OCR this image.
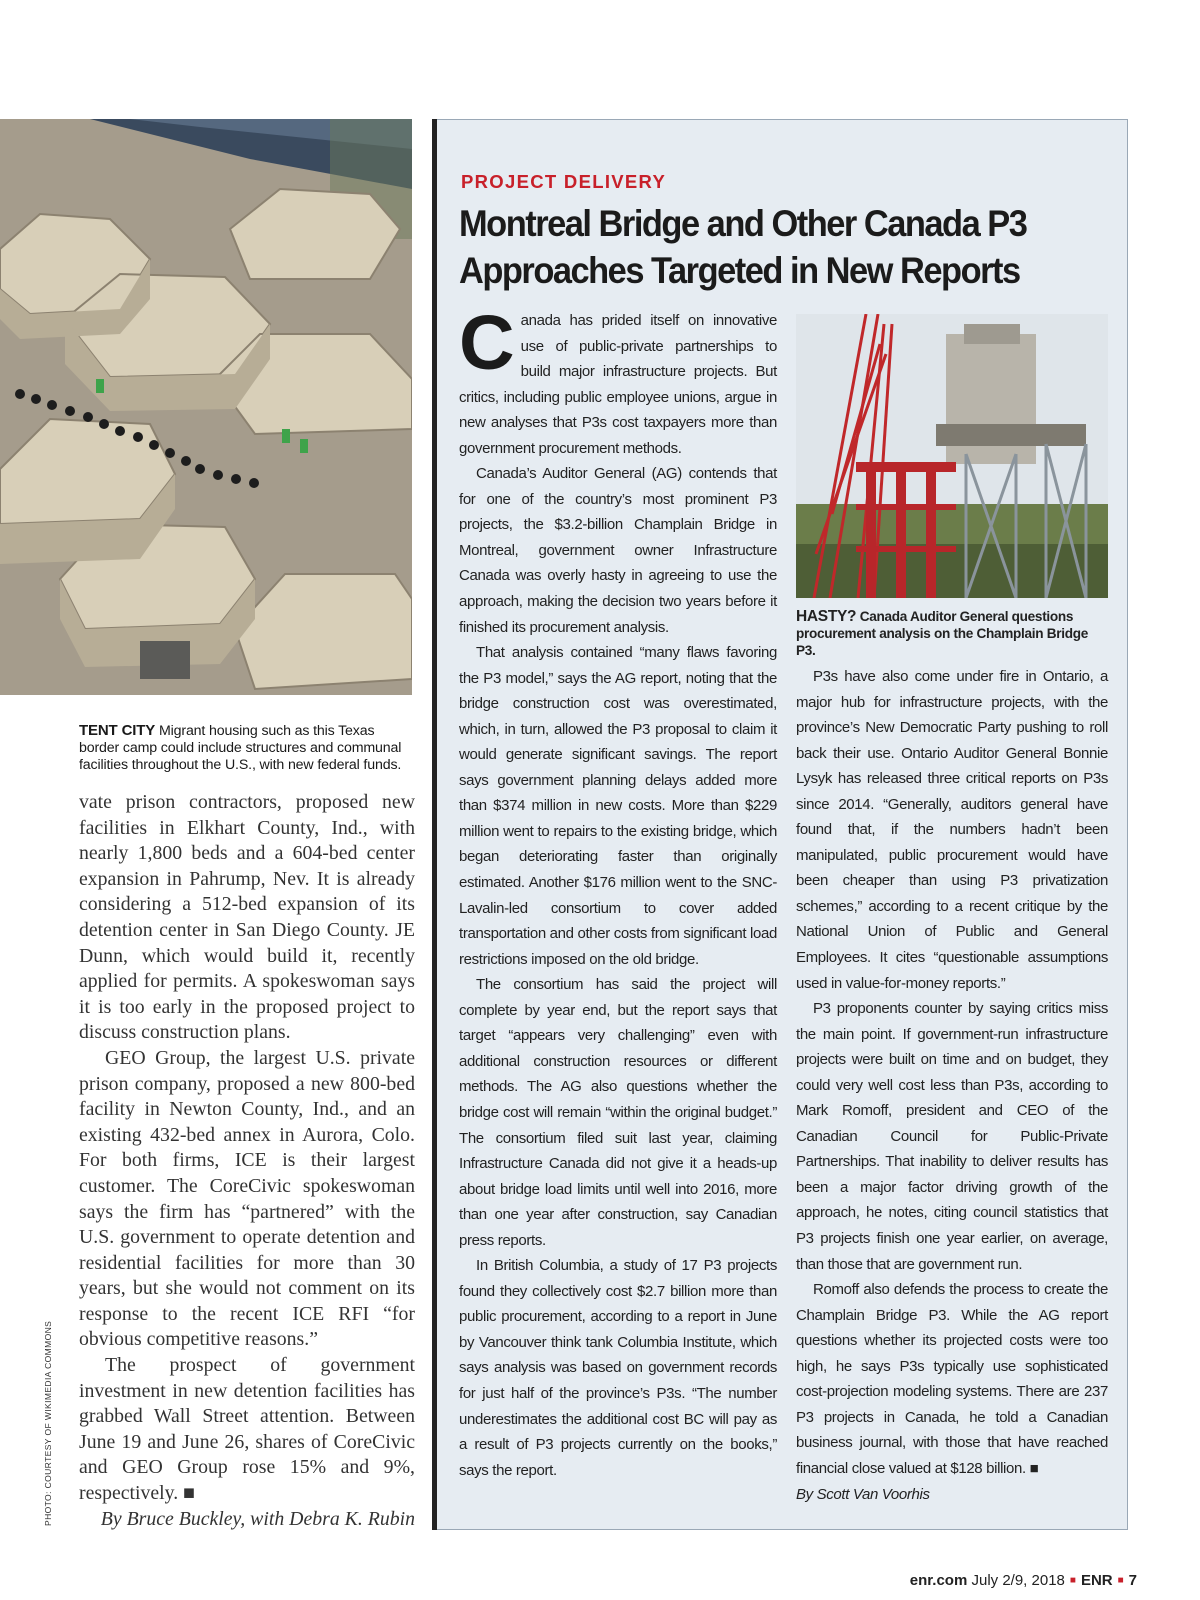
TENT CITY Migrant housing such as this Texas border camp could include structures and communal facilities throughout the U.S., with new federal funds.

vate prison contractors, proposed new facilities in Elkhart County, Ind., with nearly 1,800 beds and a 604-bed center expansion in Pahrump, Nev. It is already considering a 512-bed expansion of its detention center in San Diego County. JE Dunn, which would build it, recently applied for permits. A spokeswoman says it is too early in the proposed project to discuss construction plans.

GEO Group, the largest U.S. private prison company, proposed a new 800-bed facility in Newton County, Ind., and an existing 432-bed annex in Aurora, Colo. For both firms, ICE is their largest customer. The CoreCivic spokeswoman says the firm has “partnered” with the U.S. government to operate detention and residential facilities for more than 30 years, but she would not comment on its response to the recent ICE RFI “for obvious competitive reasons.”

The prospect of government investment in new detention facilities has grabbed Wall Street attention. Between June 19 and June 26, shares of CoreCivic and GEO Group rose 15% and 9%, respectively. ■

By Bruce Buckley, with Debra K. Rubin

PHOTO: COURTESY OF WIKIMEDIA COMMONS
PROJECT DELIVERY
Montreal Bridge and Other Canada P3 Approaches Targeted in New Reports

Canada has prided itself on innovative use of public-private partnerships to build major infrastructure projects. But critics, including public employee unions, argue in new analyses that P3s cost taxpayers more than government procurement methods.

Canada’s Auditor General (AG) contends that for one of the country’s most prominent P3 projects, the $3.2-billion Champlain Bridge in Montreal, government owner Infrastructure Canada was overly hasty in agreeing to use the approach, making the decision two years before it finished its procurement analysis.

That analysis contained “many flaws favoring the P3 model,” says the AG report, noting that the bridge construction cost was overestimated, which, in turn, allowed the P3 proposal to claim it would generate significant savings. The report says government planning delays added more than $374 million in new costs. More than $229 million went to repairs to the existing bridge, which began deteriorating faster than originally estimated. Another $176 million went to the SNC-Lavalin-led consortium to cover added transportation and other costs from significant load restrictions imposed on the old bridge.

The consortium has said the project will complete by year end, but the report says that target “appears very challenging” even with additional construction resources or different methods. The AG also questions whether the bridge cost will remain “within the original budget.” The consortium filed suit last year, claiming Infrastructure Canada did not give it a heads-up about bridge load limits until well into 2016, more than one year after construction, say Canadian press reports.

In British Columbia, a study of 17 P3 projects found they collectively cost $2.7 billion more than public procurement, according to a report in June by Vancouver think tank Columbia Institute, which says analysis was based on government records for just half of the province’s P3s. “The number underestimates the additional cost BC will pay as a result of P3 projects currently on the books,” says the report.

HASTY? Canada Auditor General questions procurement analysis on the Champlain Bridge P3.

P3s have also come under fire in Ontario, a major hub for infrastructure projects, with the province’s New Democratic Party pushing to roll back their use. Ontario Auditor General Bonnie Lysyk has released three critical reports on P3s since 2014. “Generally, auditors general have found that, if the numbers hadn’t been manipulated, public procurement would have been cheaper than using P3 privatization schemes,” according to a recent critique by the National Union of Public and General Employees. It cites “questionable assumptions used in value-for-money reports.”

P3 proponents counter by saying critics miss the main point. If government-run infrastructure projects were built on time and on budget, they could very well cost less than P3s, according to Mark Romoff, president and CEO of the Canadian Council for Public-Private Partnerships. That inability to deliver results has been a major factor driving growth of the approach, he notes, citing council statistics that P3 projects finish one year earlier, on average, than those that are government run.

Romoff also defends the process to create the Champlain Bridge P3. While the AG report questions whether its projected costs were too high, he says P3s typically use sophisticated cost-projection modeling systems. There are 237 P3 projects in Canada, he told a Canadian business journal, with those that have reached financial close valued at $128 billion. ■

By Scott Van Voorhis

enr.com July 2/9, 2018 ■ ENR ■ 7
